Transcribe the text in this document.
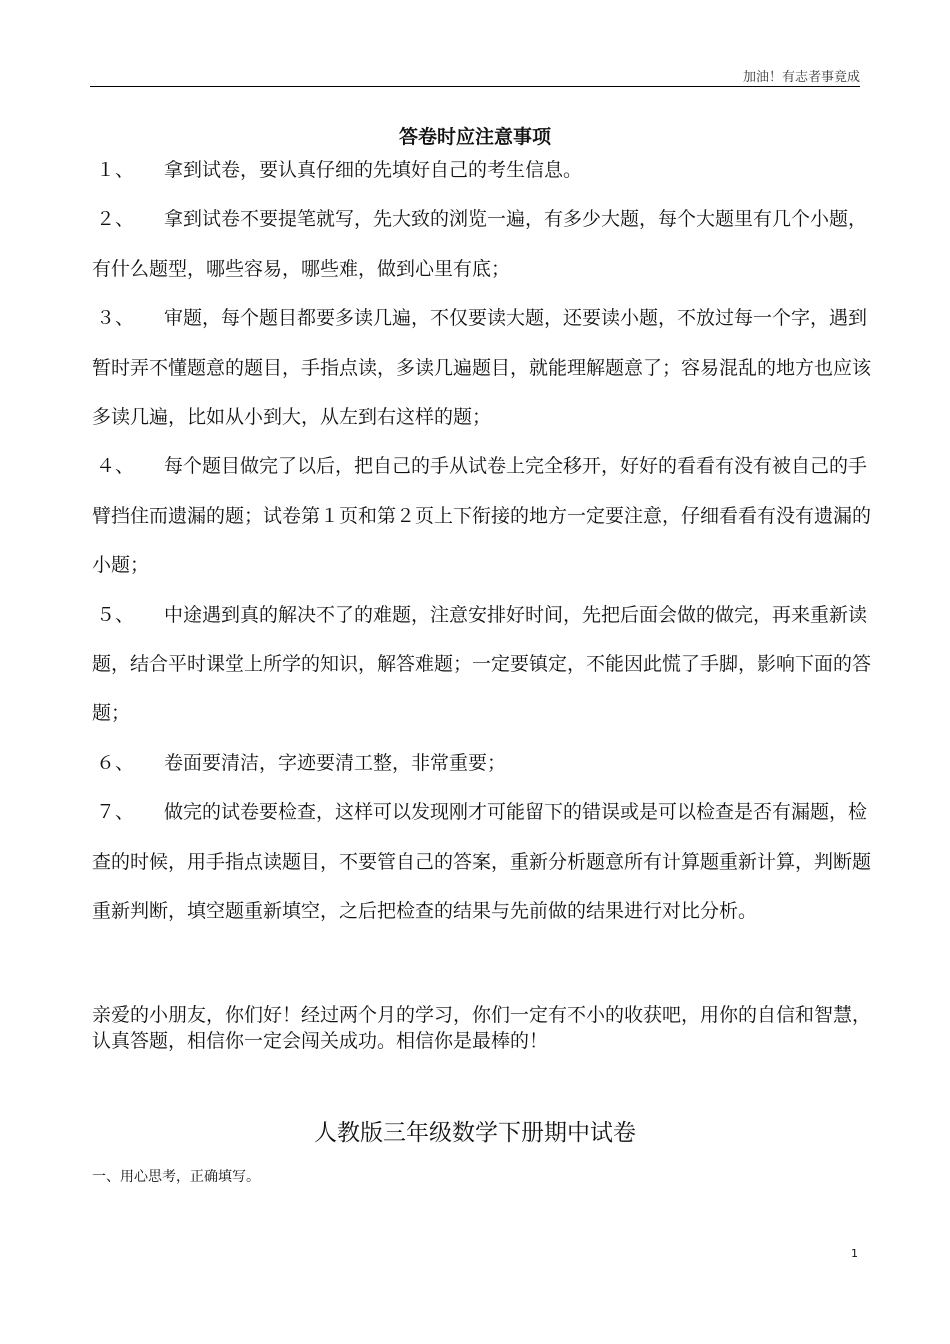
加油！有志者事竟成
答卷时应注意事项

１、 拿到试卷，要认真仔细的先填好自己的考生信息。

２、 拿到试卷不要提笔就写，先大致的浏览一遍，有多少大题，每个大题里有几个小题，有什么题型，哪些容易，哪些难，做到心里有底；

３、 审题，每个题目都要多读几遍，不仅要读大题，还要读小题，不放过每一个字，遇到暂时弄不懂题意的题目，手指点读，多读几遍题目，就能理解题意了；容易混乱的地方也应该多读几遍，比如从小到大，从左到右这样的题；

４、 每个题目做完了以后，把自己的手从试卷上完全移开，好好的看看有没有被自己的手臂挡住而遗漏的题；试卷第１页和第２页上下衔接的地方一定要注意，仔细看看有没有遗漏的小题；

５、 中途遇到真的解决不了的难题，注意安排好时间，先把后面会做的做完，再来重新读题，结合平时课堂上所学的知识，解答难题；一定要镇定，不能因此慌了手脚，影响下面的答题；

６、 卷面要清洁，字迹要清工整，非常重要；

７、 做完的试卷要检查，这样可以发现刚才可能留下的错误或是可以检查是否有漏题，检查的时候，用手指点读题目，不要管自己的答案，重新分析题意所有计算题重新计算，判断题重新判断，填空题重新填空，之后把检查的结果与先前做的结果进行对比分析。

亲爱的小朋友，你们好！经过两个月的学习，你们一定有不小的收获吧，用你的自信和智慧，认真答题，相信你一定会闯关成功。相信你是最棒的！

人教版三年级数学下册期中试卷
一、用心思考，正确填写。
1
